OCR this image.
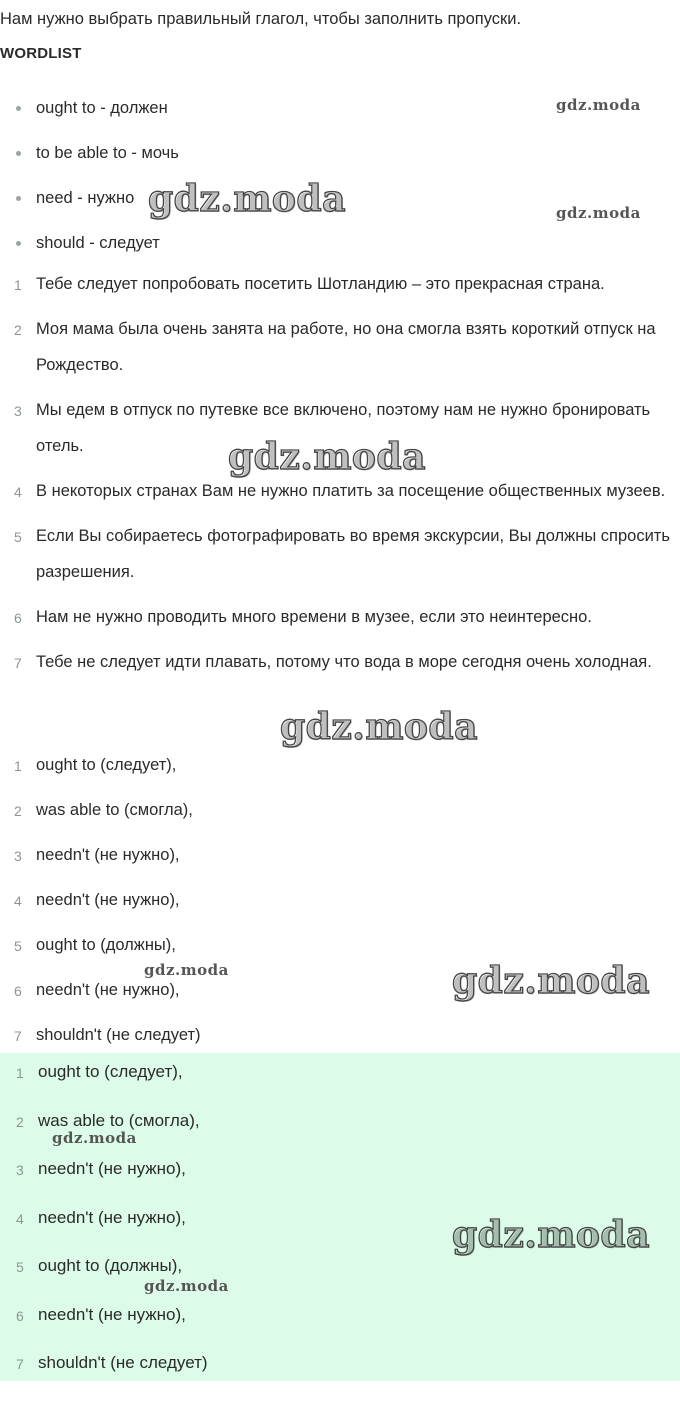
Нам нужно выбрать правильный глагол, чтобы заполнить пропуски.
WORDLIST
ought to - должен
to be able to - мочь
need - нужно
should - следует
1 Тебе следует попробовать посетить Шотландию – это прекрасная страна.
2 Моя мама была очень занята на работе, но она смогла взять короткий отпуск на Рождество.
3 Мы едем в отпуск по путевке все включено, поэтому нам не нужно бронировать отель.
4 В некоторых странах Вам не нужно платить за посещение общественных музеев.
5 Если Вы собираетесь фотографировать во время экскурсии, Вы должны спросить разрешения.
6 Нам не нужно проводить много времени в музее, если это неинтересно.
7 Тебе не следует идти плавать, потому что вода в море сегодня очень холодная.
1 ought to (следует),
2 was able to (смогла),
3 needn't (не нужно),
4 needn't (не нужно),
5 ought to (должны),
6 needn't (не нужно),
7 shouldn't (не следует)
1 ought to (следует),
2 was able to (смогла),
3 needn't (не нужно),
4 needn't (не нужно),
5 ought to (должны),
6 needn't (не нужно),
7 shouldn't (не следует)
gdz.moda
gdz.moda	gdz.moda
gdz.moda
gdz.moda
gdz.moda	gdz.moda
gdz.moda
gdz.moda
gdz.moda
